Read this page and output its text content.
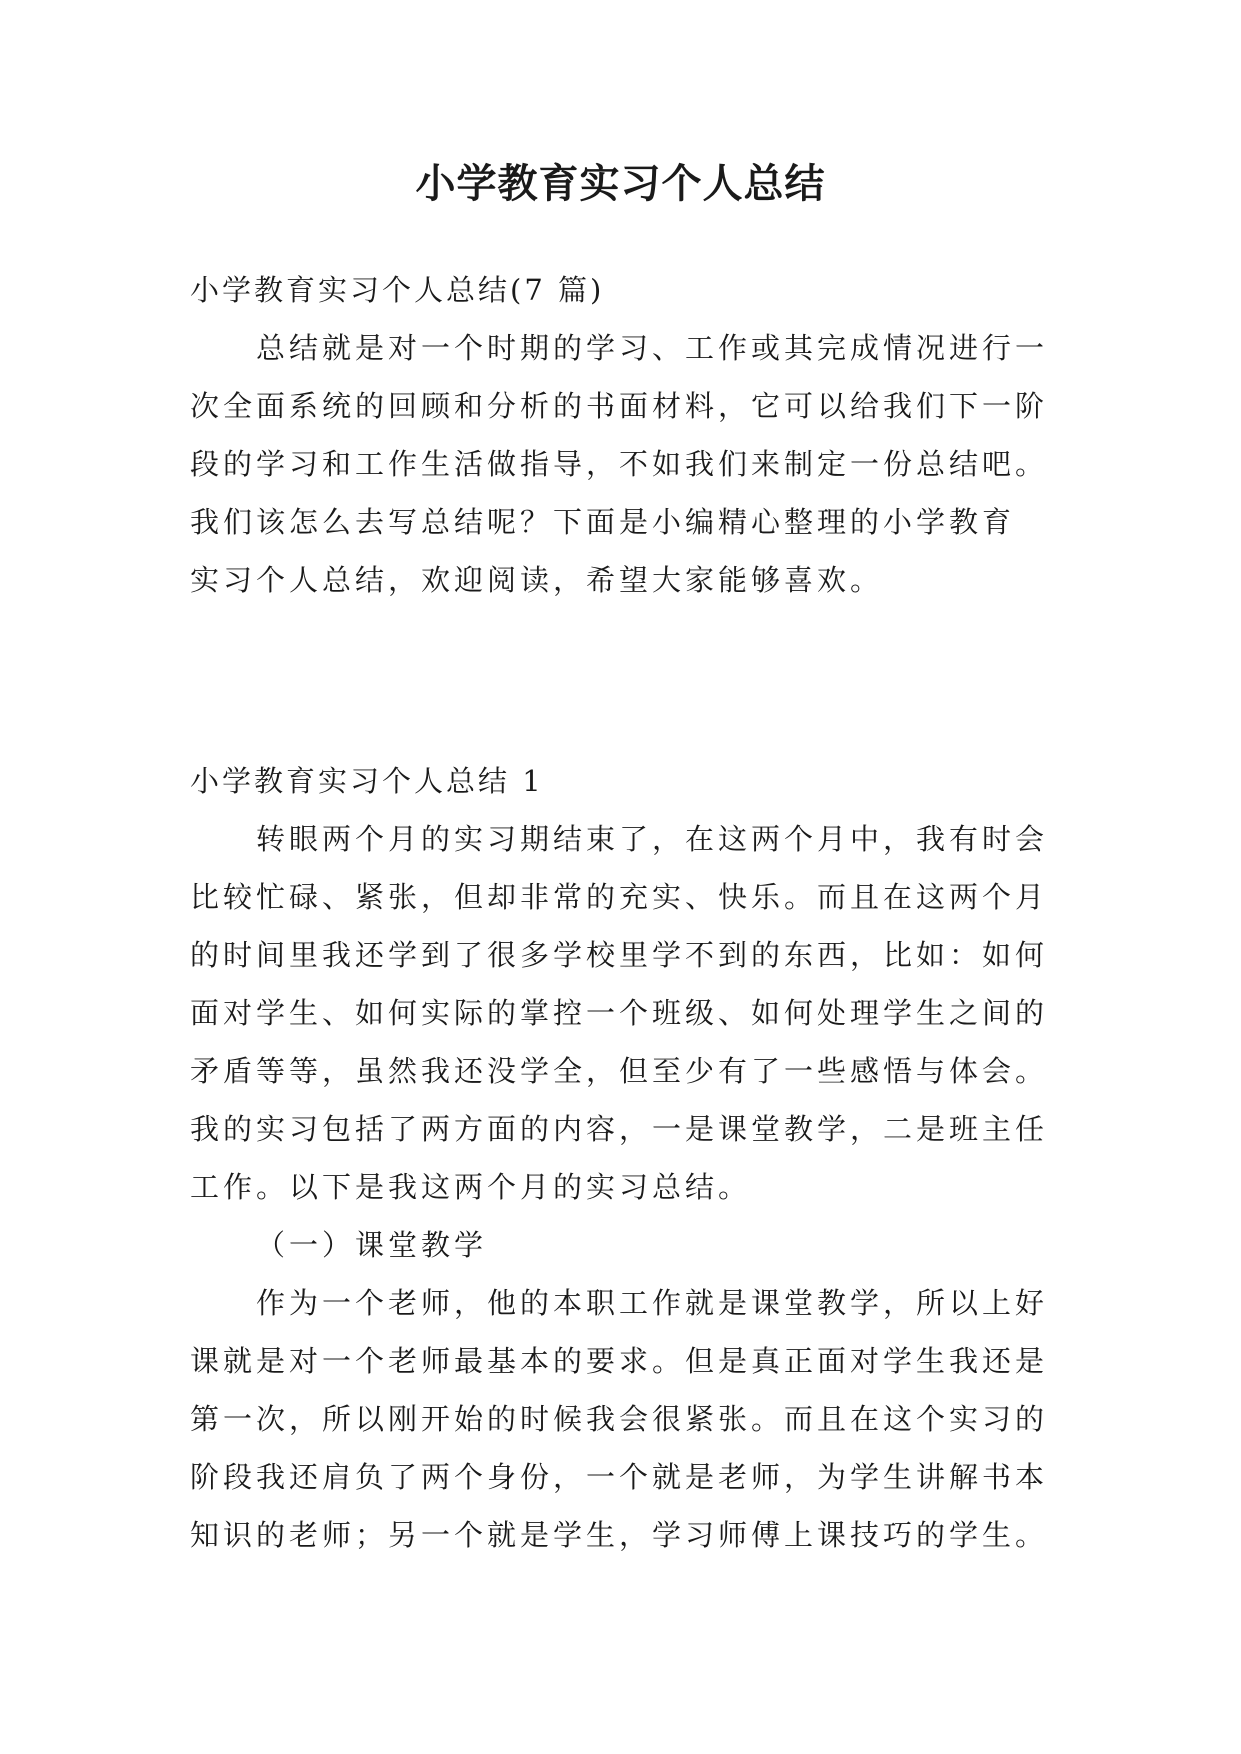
小学教育实习个人总结
小学教育实习个人总结(7 篇)
总结就是对一个时期的学习、工作或其完成情况进行一
次全面系统的回顾和分析的书面材料，它可以给我们下一阶
段的学习和工作生活做指导，不如我们来制定一份总结吧。
我们该怎么去写总结呢？下面是小编精心整理的小学教育
实习个人总结，欢迎阅读，希望大家能够喜欢。
小学教育实习个人总结 1
转眼两个月的实习期结束了，在这两个月中，我有时会
比较忙碌、紧张，但却非常的充实、快乐。而且在这两个月
的时间里我还学到了很多学校里学不到的东西，比如：如何
面对学生、如何实际的掌控一个班级、如何处理学生之间的
矛盾等等，虽然我还没学全，但至少有了一些感悟与体会。
我的实习包括了两方面的内容，一是课堂教学，二是班主任
工作。以下是我这两个月的实习总结。
（一）课堂教学
作为一个老师，他的本职工作就是课堂教学，所以上好
课就是对一个老师最基本的要求。但是真正面对学生我还是
第一次，所以刚开始的时候我会很紧张。而且在这个实习的
阶段我还肩负了两个身份，一个就是老师，为学生讲解书本
知识的老师；另一个就是学生，学习师傅上课技巧的学生。
